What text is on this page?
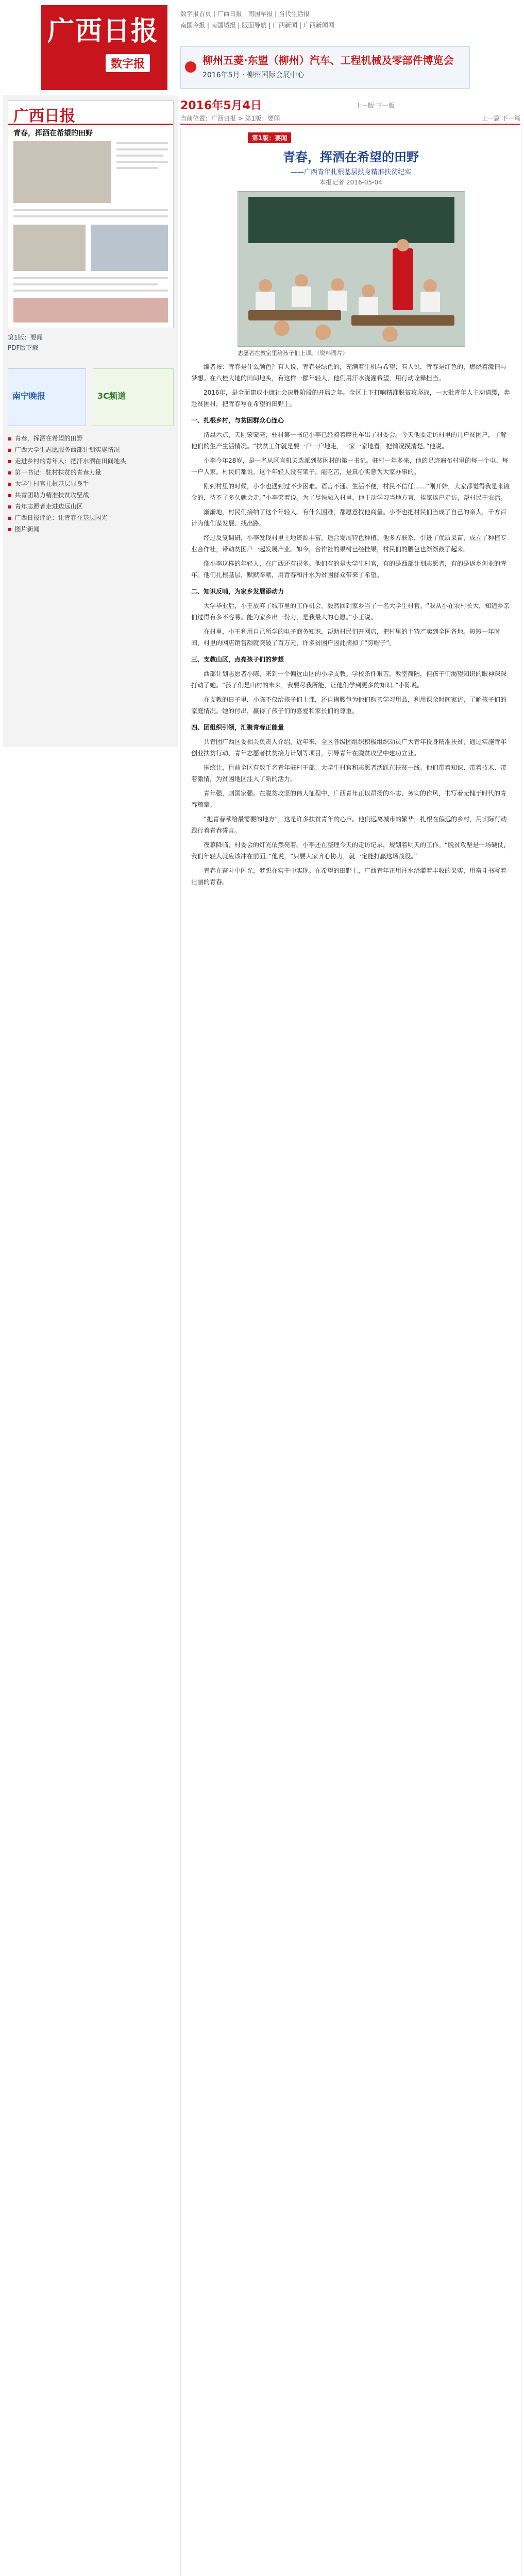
广西日报
数字报
数字报首页 | 广西日报 | 南国早报 | 当代生活报
南国今报 | 南国城报 | 版面导航 | 广西新闻 | 广西新闻网
柳州五菱·东盟（柳州）汽车、工程机械及零部件博览会
2016年5月 · 柳州国际会展中心
广西日报
青春，挥洒在希望的田野
第1版：要闻
PDF版下载
南宁晚报	3C频道
■ 青春，挥洒在希望的田野
■ 广西大学生志愿服务西部计划实施情况
■ 走进乡村的青年人：把汗水洒在田间地头
■ 第一书记：驻村扶贫的青春力量
■ 大学生村官扎根基层显身手
■ 共青团助力精准扶贫攻坚战
■ 青年志愿者走进边远山区
■ 广西日报评论：让青春在基层闪光
■ 图片新闻
2016年5月4日	上一版 下一版
当前位置：广西日报 > 第1版：要闻	上一篇 下一篇
第1版：要闻
青春，挥洒在希望的田野
——广西青年扎根基层投身精准扶贫纪实
本报记者 2016-05-04
志愿者在教室里给孩子们上课。（资料图片）

编者按：青春是什么颜色？有人说，青春是绿色的，充满着生机与希望；有人说，青春是红色的，燃烧着激情与梦想。在八桂大地的田间地头，有这样一群年轻人，他们用汗水浇灌希望，用行动诠释担当。

2016年，是全面建成小康社会决胜阶段的开局之年。全区上下打响精准脱贫攻坚战，一大批青年人主动请缨，奔赴贫困村，把青春写在希望的田野上。

一、扎根乡村，与贫困群众心连心

清晨六点，天刚蒙蒙亮，驻村第一书记小李已经骑着摩托车出了村委会。今天他要走访村里的几户贫困户，了解他们的生产生活情况。“扶贫工作就是要一户一户地走，一家一家地看，把情况摸清楚。”他说。

小李今年28岁，是一名从区直机关选派到贫困村的第一书记。驻村一年多来，他的足迹遍布村里的每一个屯、每一户人家。村民们都说，这个年轻人没有架子，能吃苦，是真心实意为大家办事的。

刚到村里的时候，小李也遇到过不少困难。语言不通、生活不便，村民不信任……“刚开始，大家都觉得我是来镀金的，待不了多久就会走。”小李笑着说。为了尽快融入村里，他主动学习当地方言，挨家挨户走访，帮村民干农活。

渐渐地，村民们接纳了这个年轻人。有什么困难，都愿意找他商量。小李也把村民们当成了自己的亲人，千方百计为他们谋发展、找出路。

经过反复调研，小李发现村里土地资源丰富，适合发展特色种植。他多方联系，引进了优质果苗，成立了种植专业合作社，带动贫困户一起发展产业。如今，合作社的果树已经挂果，村民们的腰包也渐渐鼓了起来。

像小李这样的年轻人，在广西还有很多。他们有的是大学生村官，有的是西部计划志愿者，有的是返乡创业的青年。他们扎根基层，默默奉献，用青春和汗水为贫困群众带来了希望。

二、知识反哺，为家乡发展添动力

大学毕业后，小王放弃了城市里的工作机会，毅然回到家乡当了一名大学生村官。“我从小在农村长大，知道乡亲们过得有多不容易。能为家乡出一份力，是我最大的心愿。”小王说。

在村里，小王利用自己所学的电子商务知识，帮助村民们开网店，把村里的土特产卖到全国各地。短短一年时间，村里的网店销售额就突破了百万元，许多贫困户因此摘掉了“穷帽子”。

三、支教山区，点亮孩子们的梦想

西部计划志愿者小陈，来到一个偏远山区的小学支教。学校条件艰苦，教室简陋，但孩子们渴望知识的眼神深深打动了她。“孩子们是山村的未来，我要尽我所能，让他们学到更多的知识。”小陈说。

在支教的日子里，小陈不仅给孩子们上课，还自掏腰包为他们购买学习用品，利用课余时间家访，了解孩子们的家庭情况。她的付出，赢得了孩子们的喜爱和家长们的尊重。

四、团组织引领，汇聚青春正能量

共青团广西区委相关负责人介绍，近年来，全区各级团组织积极组织动员广大青年投身精准扶贫，通过实施青年创业扶贫行动、青年志愿者扶贫接力计划等项目，引导青年在脱贫攻坚中建功立业。

据统计，目前全区有数千名青年驻村干部、大学生村官和志愿者活跃在扶贫一线。他们带着知识、带着技术、带着激情，为贫困地区注入了新的活力。

青年强，则国家强。在脱贫攻坚的伟大征程中，广西青年正以昂扬的斗志、务实的作风，书写着无愧于时代的青春篇章。

“把青春献给最需要的地方”，这是许多扶贫青年的心声。他们远离城市的繁华，扎根在偏远的乡村，用实际行动践行着青春誓言。

夜幕降临，村委会的灯光依然亮着。小李还在整理今天的走访记录，规划着明天的工作。“脱贫攻坚是一场硬仗，我们年轻人就应该冲在前面。”他说，“只要大家齐心协力，就一定能打赢这场战役。”

青春在奋斗中闪光，梦想在实干中实现。在希望的田野上，广西青年正用汗水浇灌着丰收的果实，用奋斗书写着壮丽的青春。
